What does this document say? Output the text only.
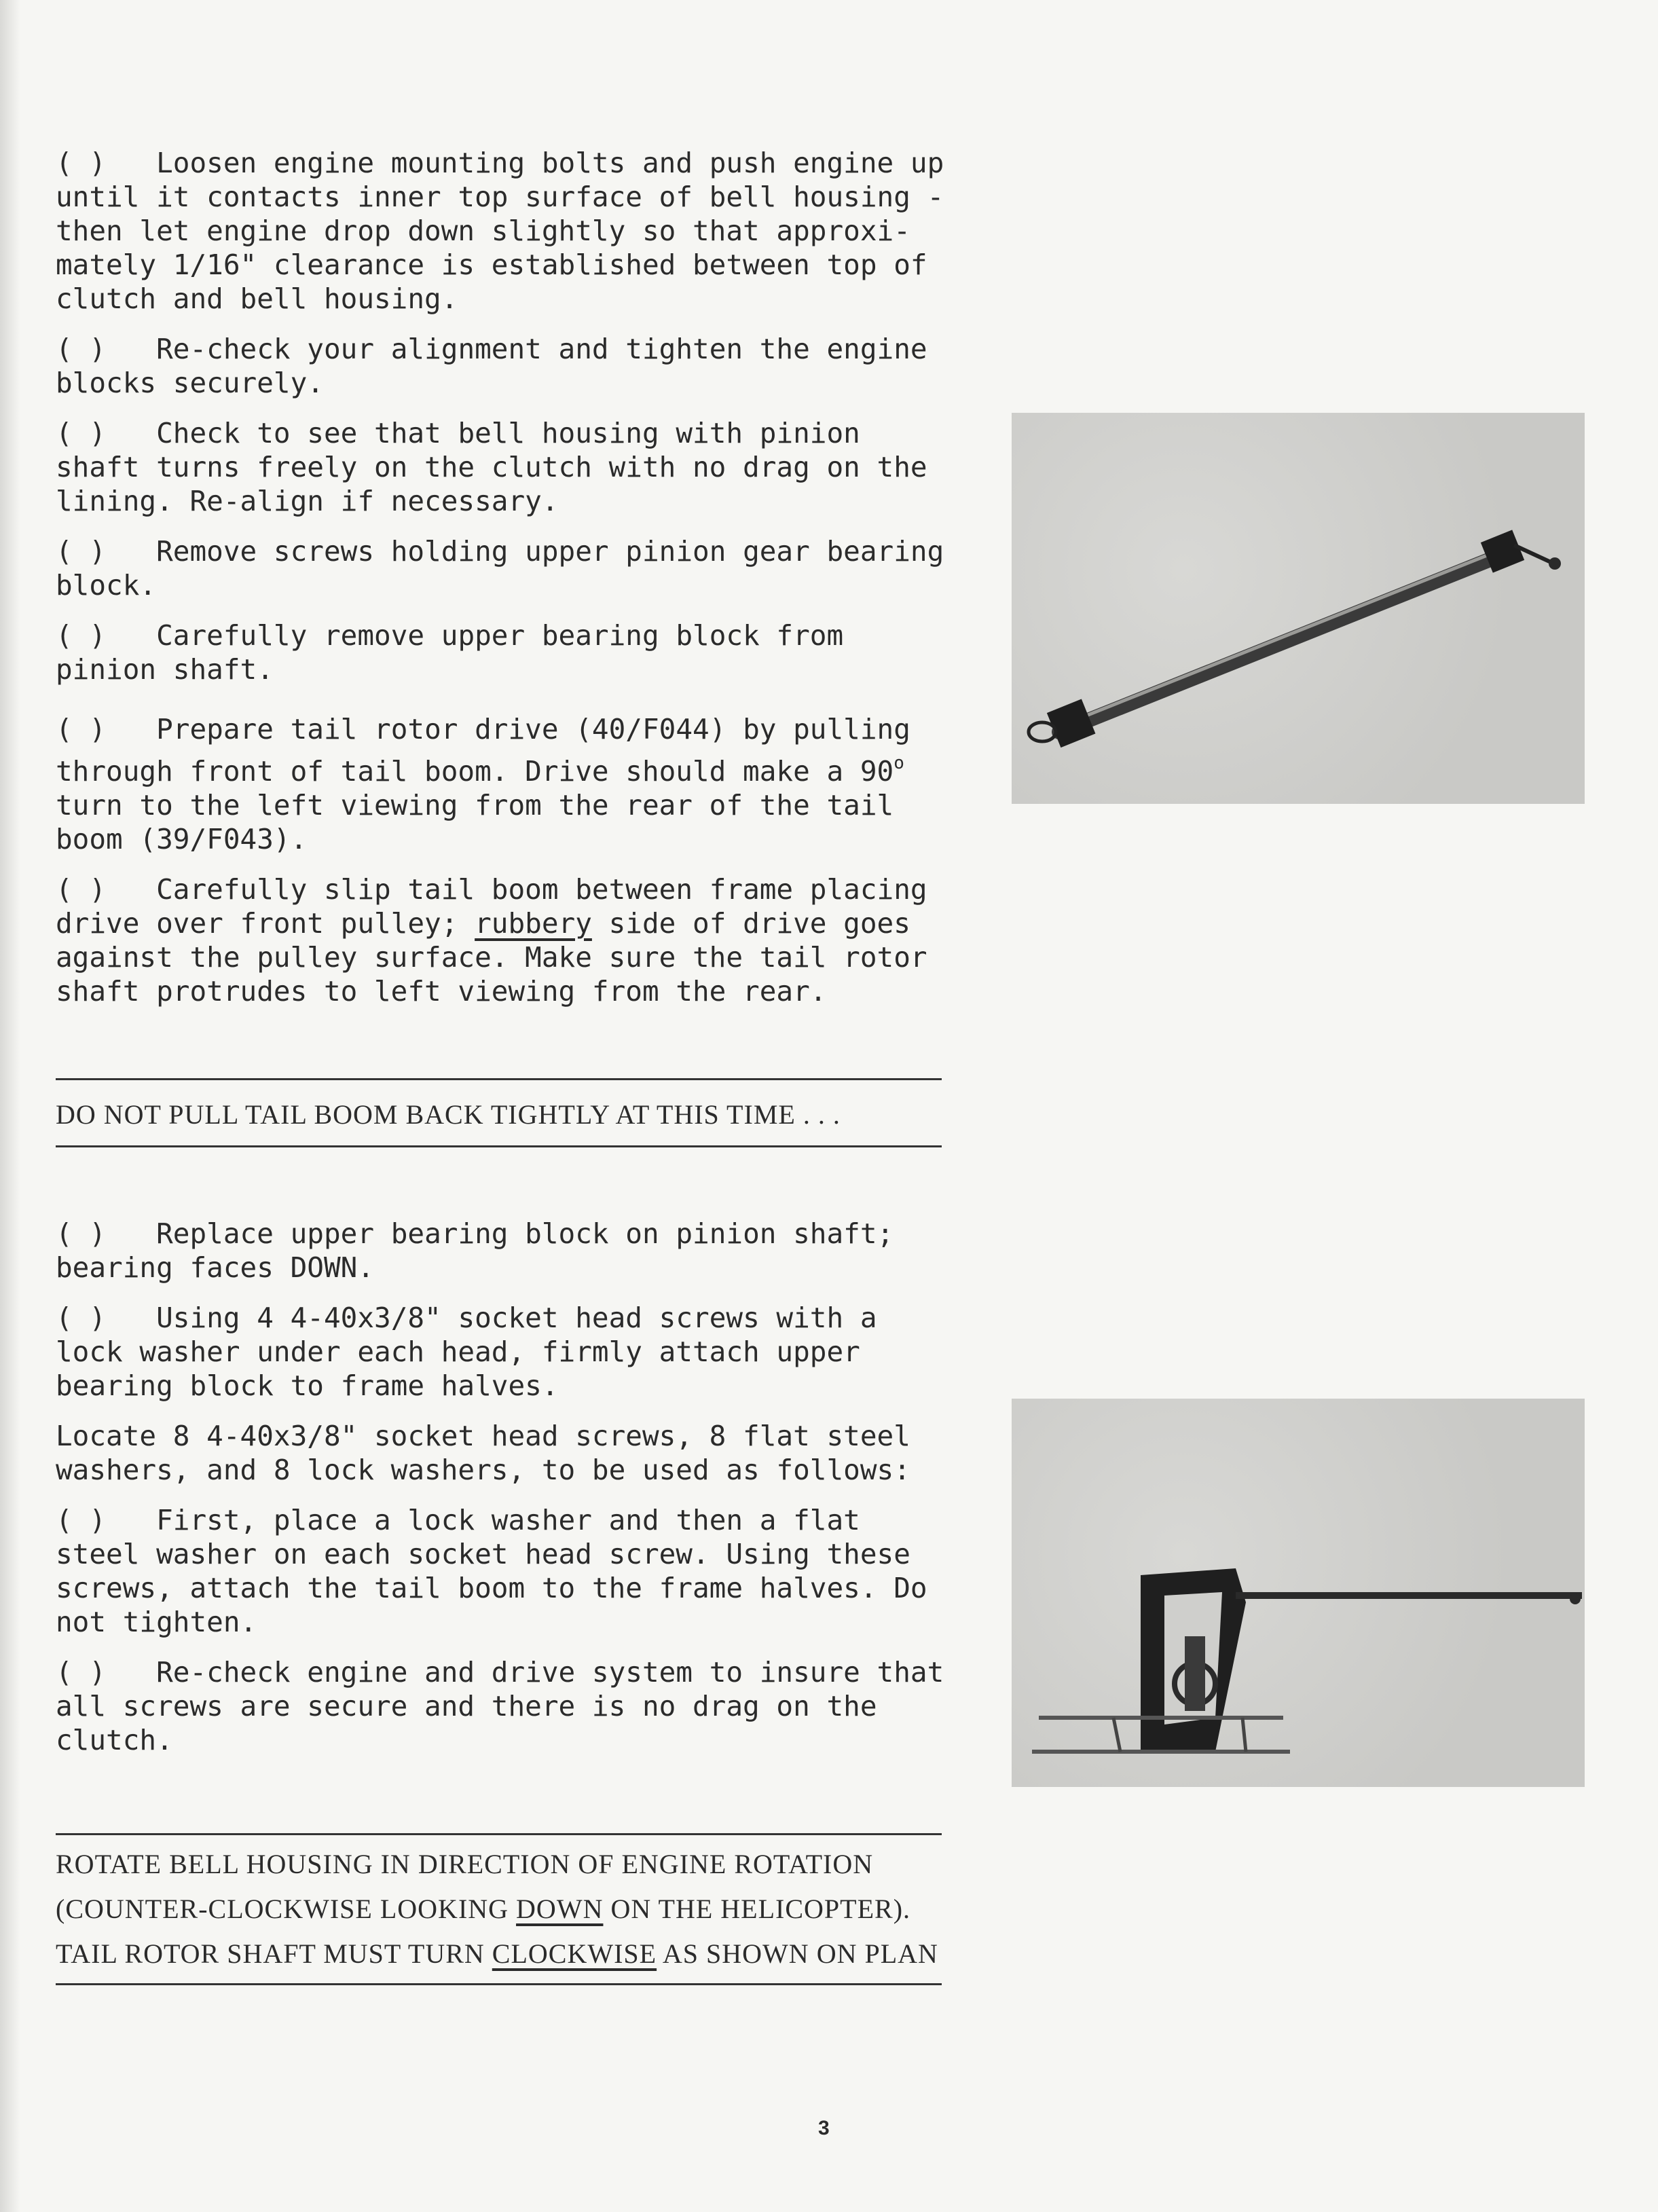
( ) Loosen engine mounting bolts and push engine up until it contacts inner top surface of bell housing - then let engine drop down slightly so that approxi- mately 1/16" clearance is established between top of clutch and bell housing.

( ) Re-check your alignment and tighten the engine blocks securely.

( ) Check to see that bell housing with pinion shaft turns freely on the clutch with no drag on the lining. Re-align if necessary.

( ) Remove screws holding upper pinion gear bearing block.

( ) Carefully remove upper bearing block from pinion shaft.

( ) Prepare tail rotor drive (40/F044) by pulling through front of tail boom. Drive should make a 90$^o$ turn to the left viewing from the rear of the tail boom (39/F043).

( ) Carefully slip tail boom between frame placing drive over front pulley; rubbery side of drive goes against the pulley surface. Make sure the tail rotor shaft protrudes to left viewing from the rear.

DO NOT PULL TAIL BOOM BACK TIGHTLY AT THIS TIME . . .

( ) Replace upper bearing block on pinion shaft; bearing faces DOWN.

( ) Using 4 4-40x3/8" socket head screws with a lock washer under each head, firmly attach upper bearing block to frame halves.

Locate 8 4-40x3/8" socket head screws, 8 flat steel washers, and 8 lock washers, to be used as follows:

( ) First, place a lock washer and then a flat steel washer on each socket head screw. Using these screws, attach the tail boom to the frame halves. Do not tighten.

( ) Re-check engine and drive system to insure that all screws are secure and there is no drag on the clutch.

ROTATE BELL HOUSING IN DIRECTION OF ENGINE ROTATION
(COUNTER-CLOCKWISE LOOKING DOWN ON THE HELICOPTER).
TAIL ROTOR SHAFT MUST TURN CLOCKWISE AS SHOWN ON PLAN
3
